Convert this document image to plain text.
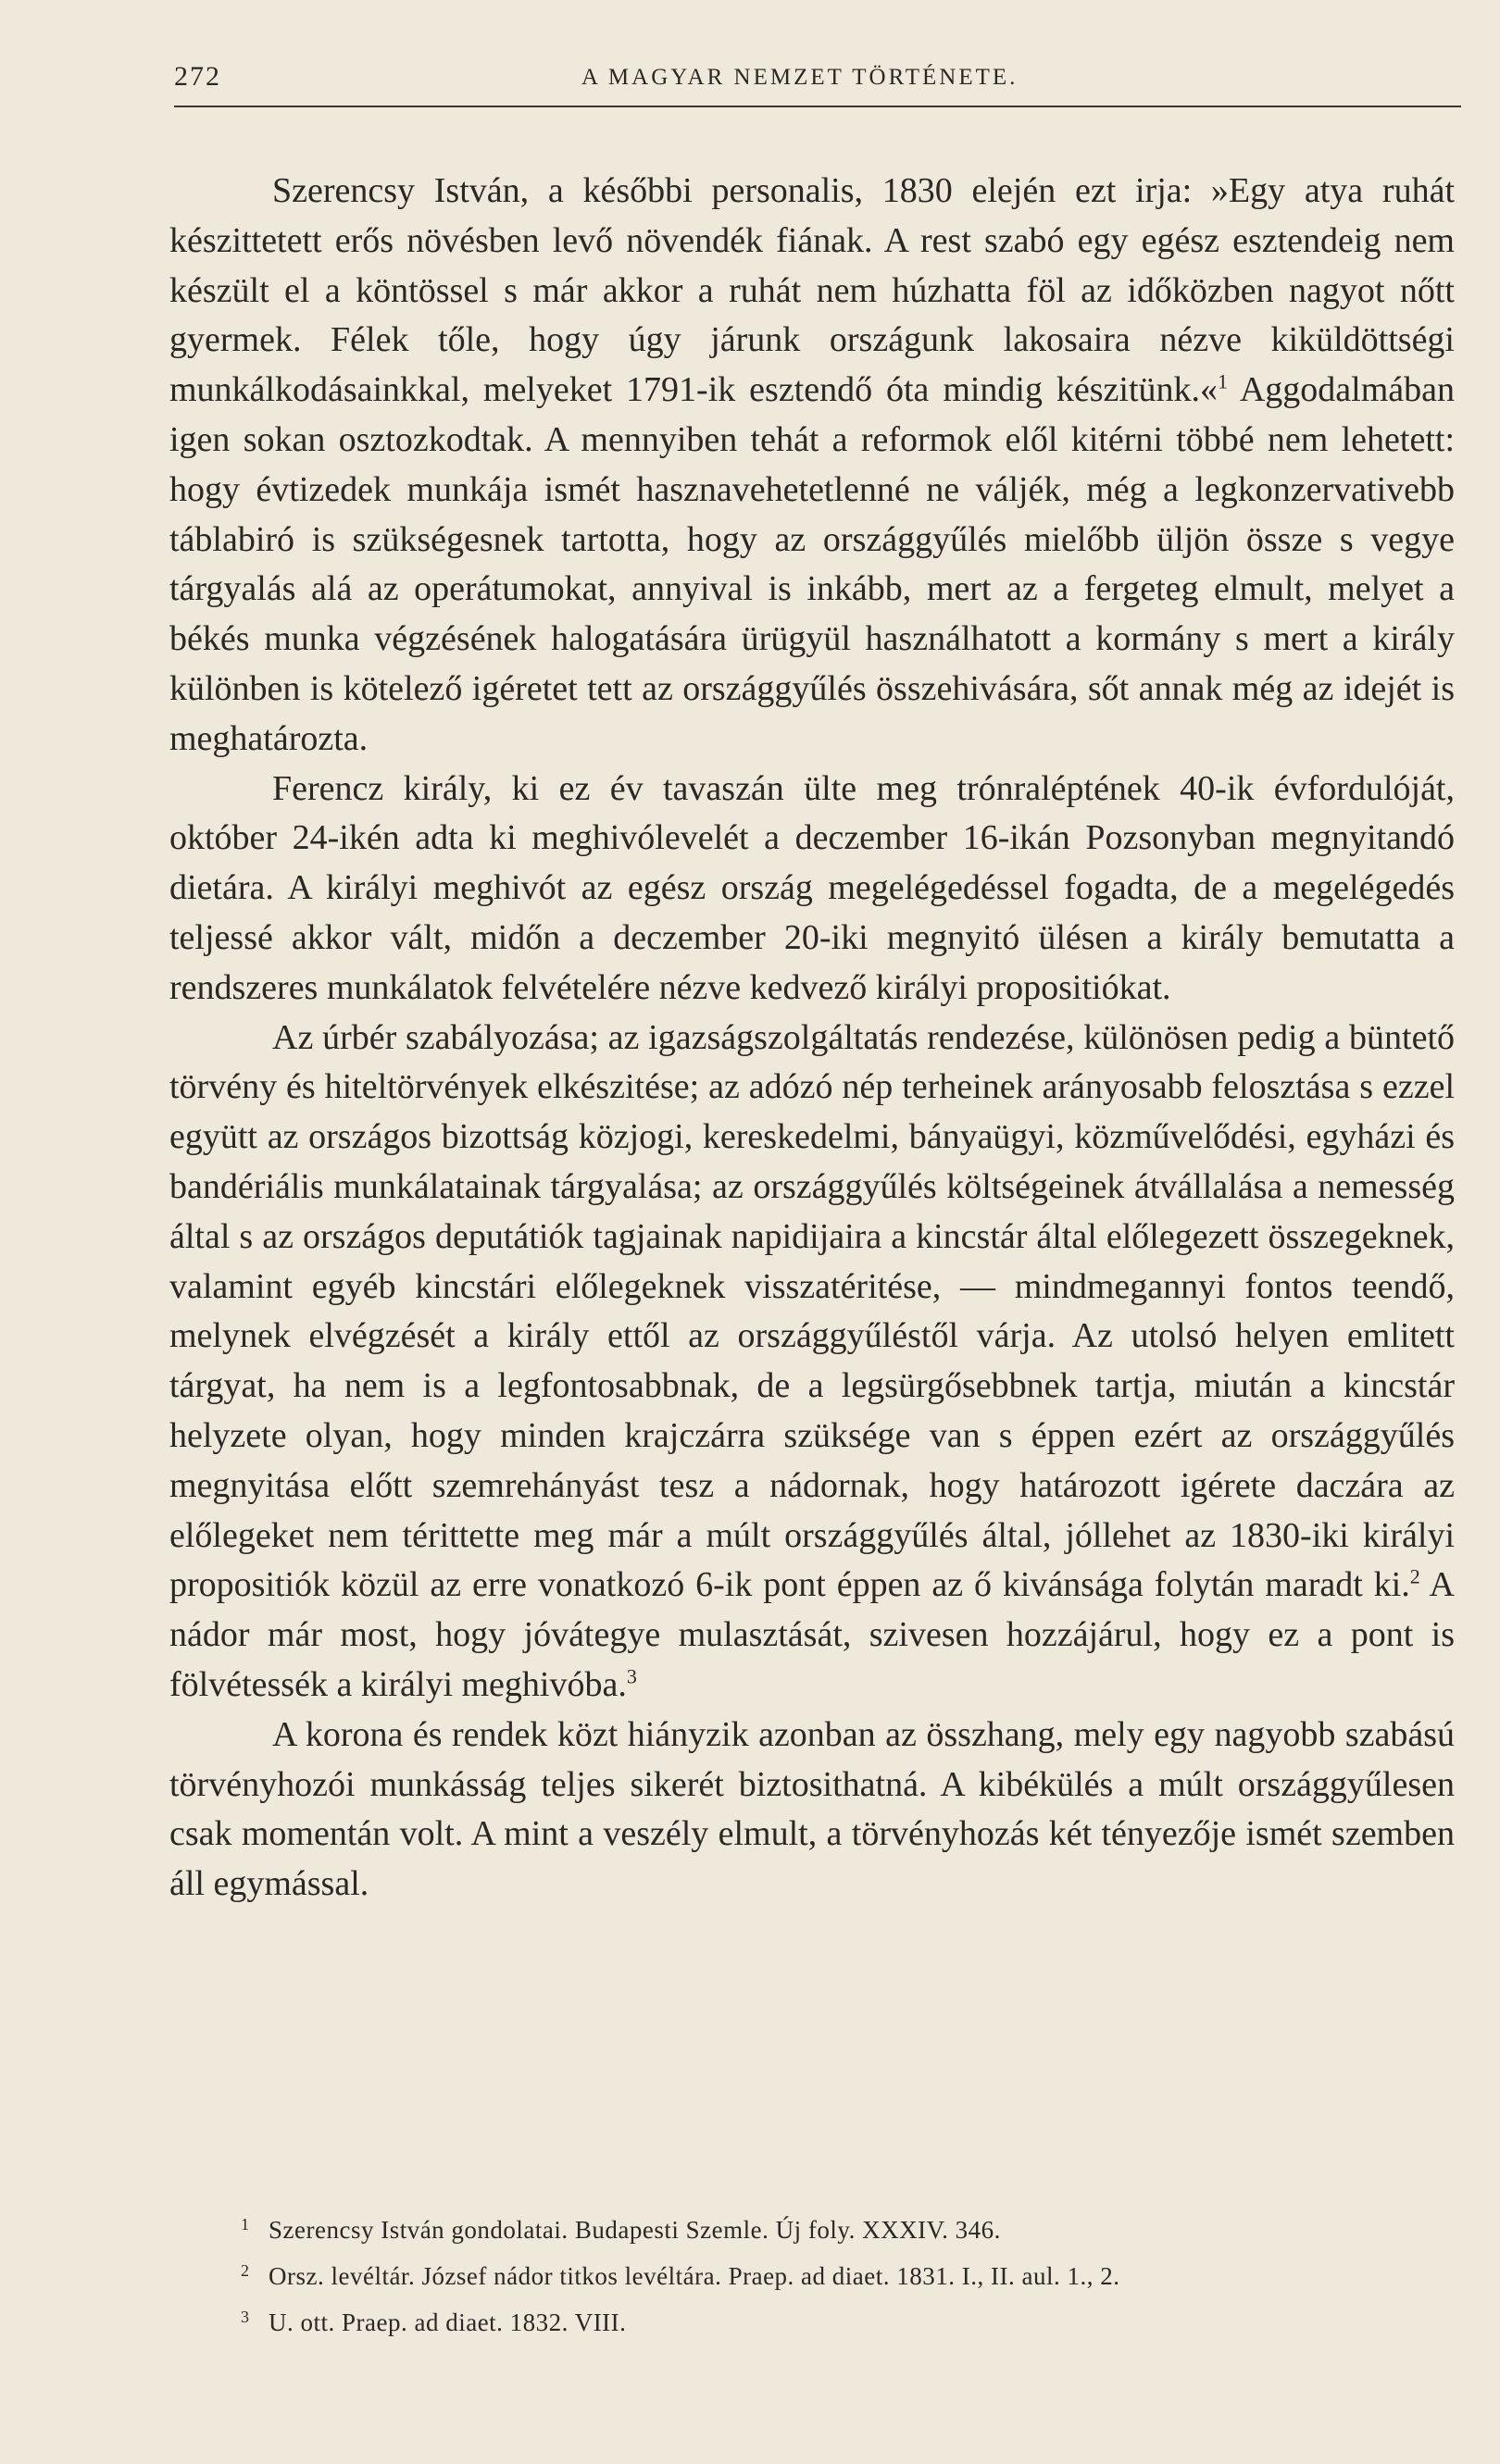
272	A MAGYAR NEMZET TÖRTÉNETE.

Szerencsy István, a későbbi personalis, 1830 elején ezt irja: »Egy atya ruhát készittetett erős növésben levő növendék fiának. A rest szabó egy egész esztendeig nem készült el a köntössel s már akkor a ruhát nem húzhatta föl az időközben nagyot nőtt gyermek. Félek tőle, hogy úgy járunk országunk lakosaira nézve kiküldöttségi munkálkodásainkkal, melyeket 1791-ik esztendő óta mindig készitünk.«$^1$ Aggodalmában igen sokan osztozkodtak. A mennyiben tehát a reformok elől kitérni többé nem lehetett: hogy évtizedek munkája ismét hasznavehetetlenné ne váljék, még a legkonzervativebb táblabiró is szükségesnek tartotta, hogy az országgyűlés mielőbb üljön össze s vegye tárgyalás alá az operátumokat, annyival is inkább, mert az a fergeteg elmult, melyet a békés munka végzésének halogatására ürügyül használhatott a kormány s mert a király különben is kötelező igéretet tett az országgyűlés összehivására, sőt annak még az idejét is meghatározta.

Ferencz király, ki ez év tavaszán ülte meg trónraléptének 40-ik évfordulóját, október 24-ikén adta ki meghivólevelét a deczember 16-ikán Pozsonyban megnyitandó dietára. A királyi meghivót az egész ország megelégedéssel fogadta, de a megelégedés teljessé akkor vált, midőn a deczember 20-iki megnyitó ülésen a király bemutatta a rendszeres munkálatok felvételére nézve kedvező királyi propositiókat.

Az úrbér szabályozása; az igazságszolgáltatás rendezése, különösen pedig a büntető törvény és hiteltörvények elkészitése; az adózó nép terheinek arányosabb felosztása s ezzel együtt az országos bizottság közjogi, kereskedelmi, bányaügyi, közművelődési, egyházi és bandériális munkálatainak tárgyalása; az országgyűlés költségeinek átvállalása a nemesség által s az országos deputátiók tagjainak napidijaira a kincstár által előlegezett összegeknek, valamint egyéb kincstári előlegeknek visszatéritése, — mindmegannyi fontos teendő, melynek elvégzését a király ettől az országgyűléstől várja. Az utolsó helyen emlitett tárgyat, ha nem is a legfontosabbnak, de a legsürgősebbnek tartja, miután a kincstár helyzete olyan, hogy minden krajczárra szüksége van s éppen ezért az országgyűlés megnyitása előtt szemrehányást tesz a nádornak, hogy határozott igérete daczára az előlegeket nem térittette meg már a múlt országgyűlés által, jóllehet az 1830-iki királyi propositiók közül az erre vonatkozó 6-ik pont éppen az ő kivánsága folytán maradt ki.$^2$ A nádor már most, hogy jóvátegye mulasztását, szivesen hozzájárul, hogy ez a pont is fölvétessék a királyi meghivóba.$^3$

A korona és rendek közt hiányzik azonban az összhang, mely egy nagyobb szabású törvényhozói munkásság teljes sikerét biztosithatná. A kibékülés a múlt országgyűlesen csak momentán volt. A mint a veszély elmult, a törvényhozás két tényezője ismét szemben áll egymással.

1 Szerencsy István gondolatai. Budapesti Szemle. Új foly. XXXIV. 346.
2 Orsz. levéltár. József nádor titkos levéltára. Praep. ad diaet. 1831. I., II. aul. 1., 2.
3 U. ott. Praep. ad diaet. 1832. VIII.
